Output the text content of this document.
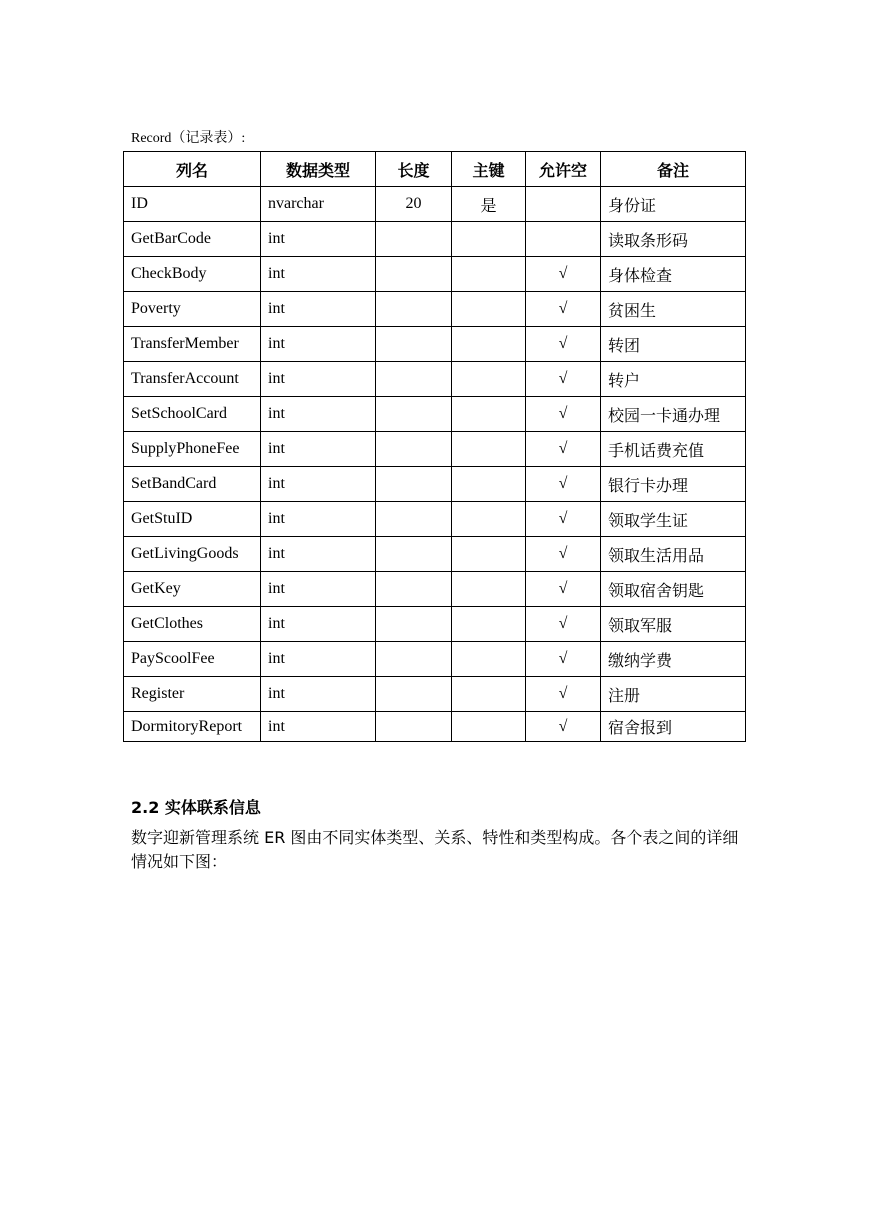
Record（记录表）:
列名	数据类型	长度	主键	允许空	备注
ID	nvarchar	20	是		身份证
GetBarCode	int				读取条形码
CheckBody	int			√	身体检查
Poverty	int			√	贫困生
TransferMember	int			√	转团
TransferAccount	int			√	转户
SetSchoolCard	int			√	校园一卡通办理
SupplyPhoneFee	int			√	手机话费充值
SetBandCard	int			√	银行卡办理
GetStuID	int			√	领取学生证
GetLivingGoods	int			√	领取生活用品
GetKey	int			√	领取宿舍钥匙
GetClothes	int			√	领取军服
PayScoolFee	int			√	缴纳学费
Register	int			√	注册
DormitoryReport	int			√	宿舍报到
2.2 实体联系信息
数字迎新管理系统 ER 图由不同实体类型、关系、特性和类型构成。各个表之间的详细情况如下图：
